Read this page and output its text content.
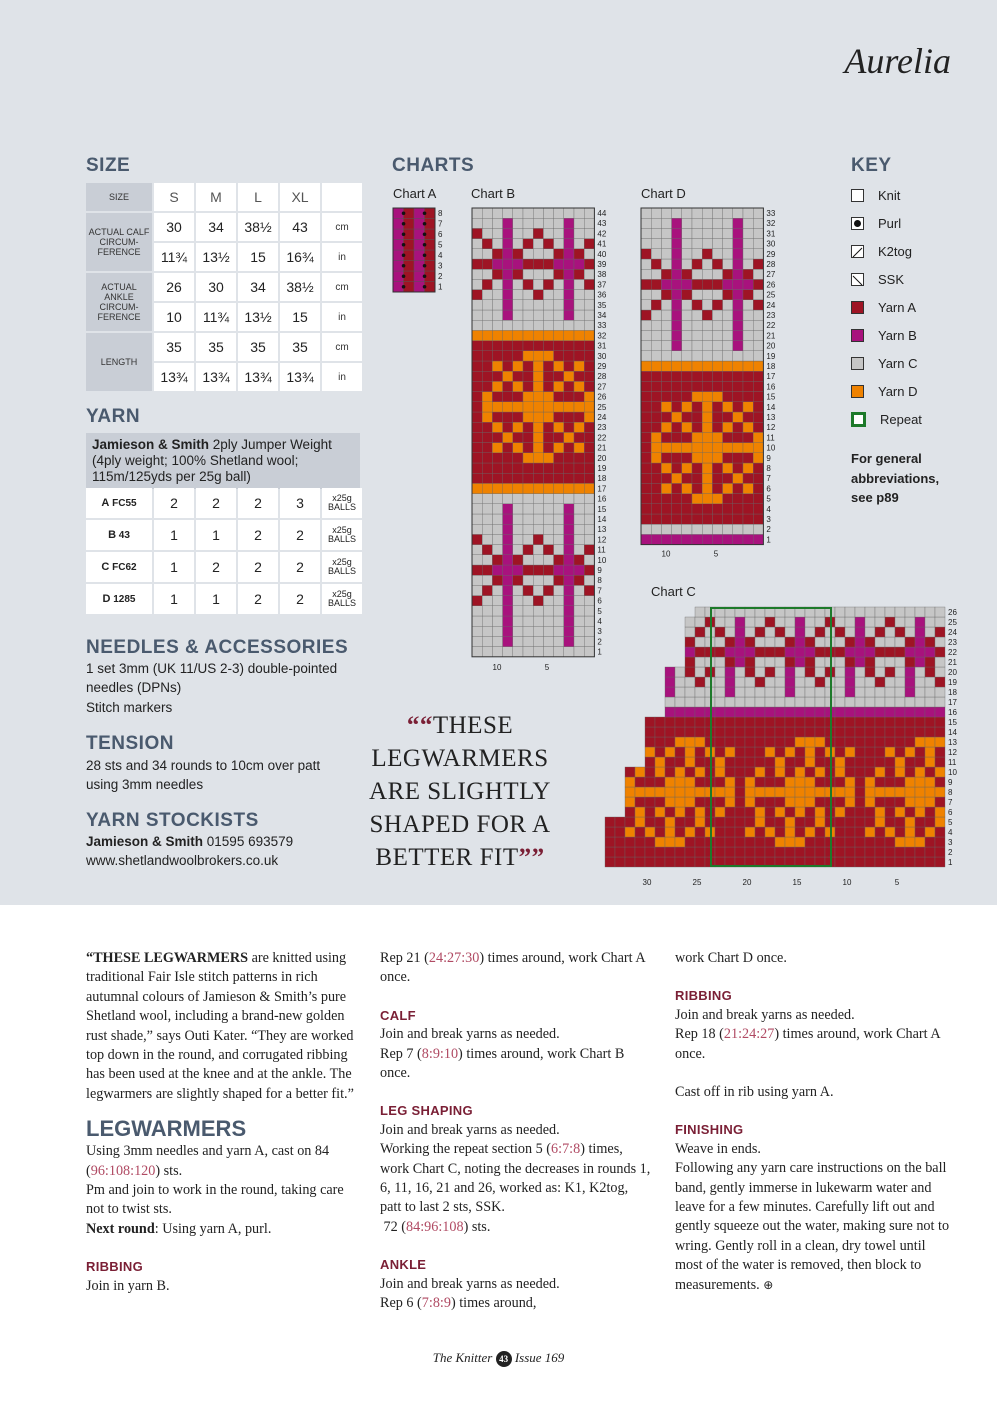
Aurelia
SIZE
SIZE	S	M	L	XL	
ACTUAL CALF CIRCUM-FERENCE	30	34	38½	43	cm
	11¾	13½	15	16¾	in
ACTUAL ANKLE CIRCUM-FERENCE	26	30	34	38½	cm
	10	11¾	13½	15	in
LENGTH	35	35	35	35	cm
	13¾	13¾	13¾	13¾	in
YARN
Jamieson & Smith 2ply Jumper Weight (4ply weight; 100% Shetland wool; 115m/125yds per 25g ball)
A FC55	2	2	2	3	x25g BALLS
B 43	1	1	2	2	x25g BALLS
C FC62	1	2	2	2	x25g BALLS
D 1285	1	1	2	2	x25g BALLS
NEEDLES & ACCESSORIES
1 set 3mm (UK 11/US 2-3) double-pointed
needles (DPNs)
Stitch markers
TENSION
28 sts and 34 rounds to 10cm over patt
using 3mm needles
YARN STOCKISTS
Jamieson & Smith 01595 693579
www.shetlandwoolbrokers.co.uk
CHARTS
Chart A	Chart B	Chart D
Chart C
1
2
3
4
5
6
7
8
1
2
3
4
5
6
7
8
9
10
11
12
13
14
15
16
17
18
19
20
21
22
23
24
25
26
27
28
29
30
31
32
33
34
35
36
37
38
39
40
41
42
43
44
10	5
1
2
3
4
5
6
7
8
9
10
11
12
13
14
15
16
17
18
19
20
21
22
23
24
25
26
27
28
29
30
31
32
33
10	5
1
2
3
4
5
6
7
8
9
10
11
12
13
14
15
16
17
18
19
20
21
22
23
24
25
26
30	25	20	15	10	5
KEY
Knit
Purl
K2tog
SSK
Yarn A
Yarn B
Yarn C
Yarn D
Repeat
For general
abbreviations,
see p89
““THESE
LEGWARMERS
ARE SLIGHTLY
SHAPED FOR A
BETTER FIT””
“THESE LEGWARMERS are knitted using traditional Fair Isle stitch patterns in rich autumnal colours of Jamieson & Smith’s pure Shetland wool, including a brand-new golden rust shade,” says Outi Kater. “They are worked top down in the round, and corrugated ribbing has been used at the knee and at the ankle. The legwarmers are slightly shaped for a better fit.”
LEGWARMERS
Using 3mm needles and yarn A, cast on 84 (96:108:120) sts.
Pm and join to work in the round, taking care not to twist sts.
Next round: Using yarn A, purl.
RIBBING
Join in yarn B.
Rep 21 (24:27:30) times around, work Chart A once.
CALF
Join and break yarns as needed.
Rep 7 (8:9:10) times around, work Chart B once.
LEG SHAPING
Join and break yarns as needed.
Working the repeat section 5 (6:7:8) times, work Chart C, noting the decreases in rounds 1, 6, 11, 16, 21 and 26, worked as: K1, K2tog, patt to last 2 sts, SSK.
72 (84:96:108) sts.
ANKLE
Join and break yarns as needed.
Rep 6 (7:8:9) times around,
work Chart D once.
RIBBING
Join and break yarns as needed.
Rep 18 (21:24:27) times around, work Chart A once.
Cast off in rib using yarn A.
FINISHING
Weave in ends.
Following any yarn care instructions on the ball band, gently immerse in lukewarm water and leave for a few minutes. Carefully lift out and gently squeeze out the water, making sure not to wring. Gently roll in a clean, dry towel until most of the water is removed, then block to measurements. ⊕
The Knitter 43 Issue 169
